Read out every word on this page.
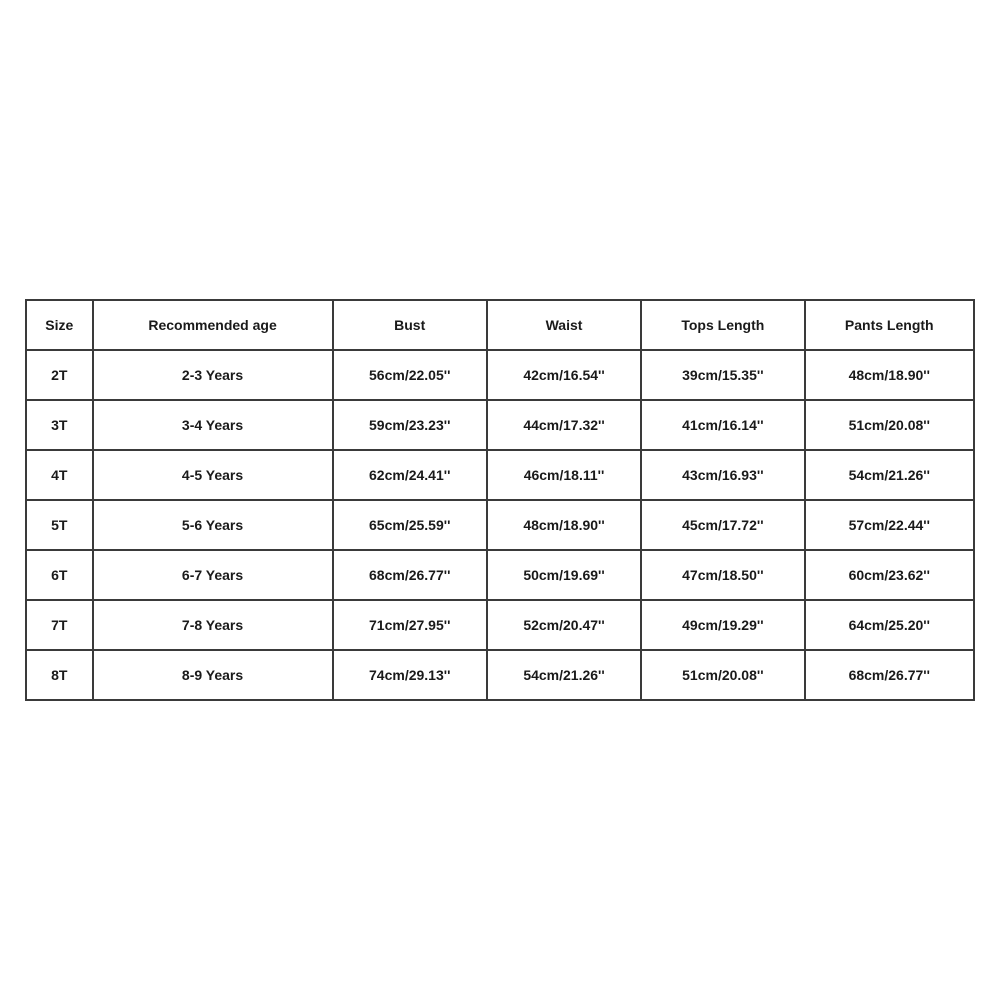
Size	Recommended age	Bust	Waist	Tops Length	Pants Length
2T	2-3 Years	56cm/22.05''	42cm/16.54''	39cm/15.35''	48cm/18.90''
3T	3-4 Years	59cm/23.23''	44cm/17.32''	41cm/16.14''	51cm/20.08''
4T	4-5 Years	62cm/24.41''	46cm/18.11''	43cm/16.93''	54cm/21.26''
5T	5-6 Years	65cm/25.59''	48cm/18.90''	45cm/17.72''	57cm/22.44''
6T	6-7 Years	68cm/26.77''	50cm/19.69''	47cm/18.50''	60cm/23.62''
7T	7-8 Years	71cm/27.95''	52cm/20.47''	49cm/19.29''	64cm/25.20''
8T	8-9 Years	74cm/29.13''	54cm/21.26''	51cm/20.08''	68cm/26.77''
